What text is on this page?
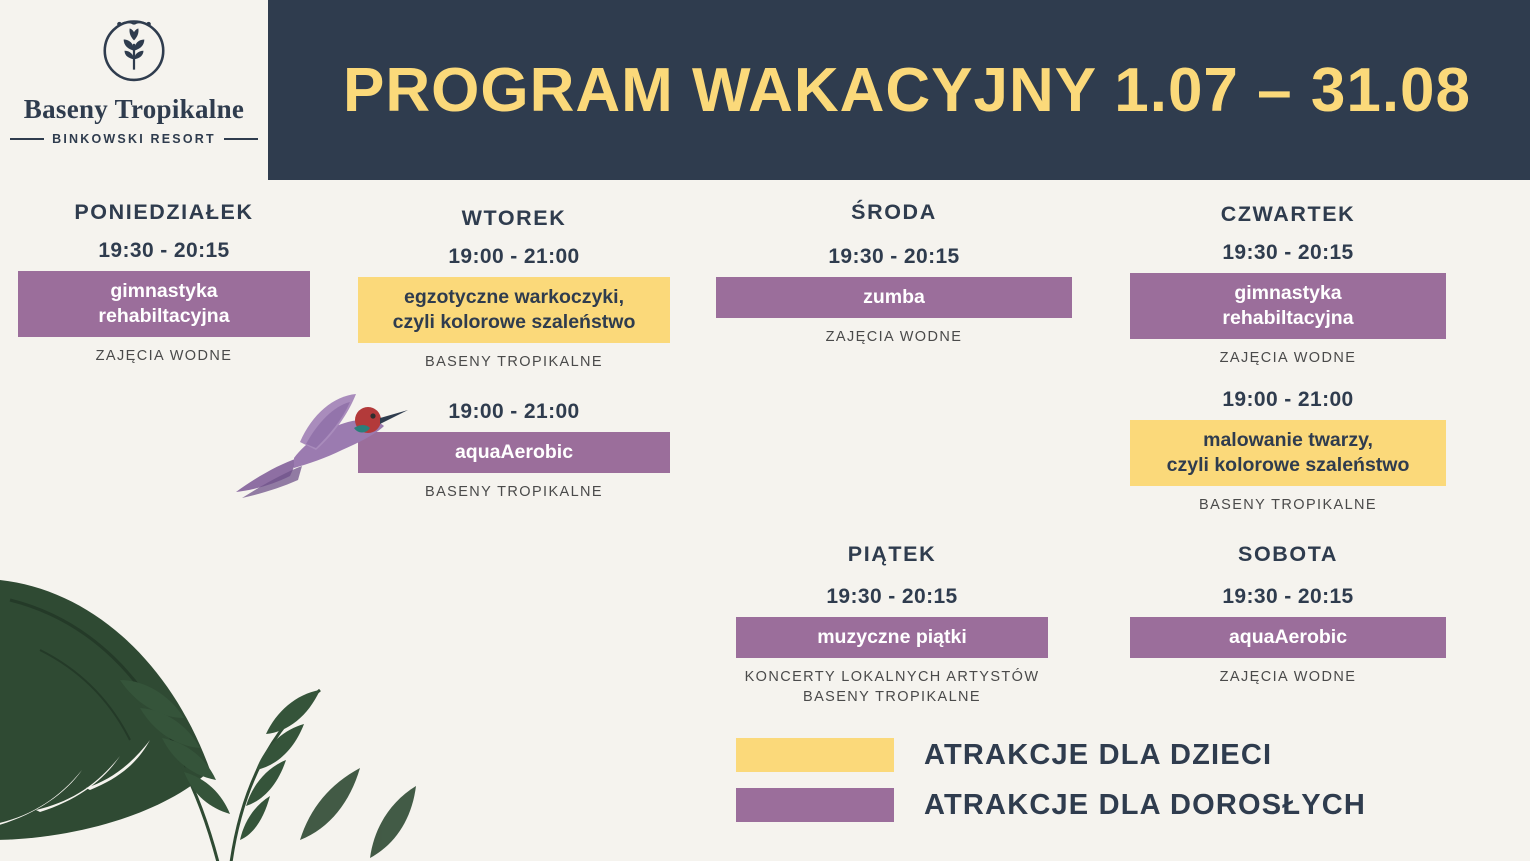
PROGRAM WAKACYJNY 1.07 – 31.08
Baseny Tropikalne
BINKOWSKI RESORT
PONIEDZIAŁEK
19:30 - 20:15
gimnastyka
rehabiltacyjna
ZAJĘCIA WODNE
WTOREK
19:00 - 21:00
egzotyczne warkoczyki,
czyli kolorowe szaleństwo
BASENY TROPIKALNE
19:00 - 21:00
aquaAerobic
BASENY TROPIKALNE
ŚRODA
19:30 - 20:15
zumba
ZAJĘCIA WODNE
CZWARTEK
19:30 - 20:15
gimnastyka
rehabiltacyjna
ZAJĘCIA WODNE
19:00 - 21:00
malowanie twarzy,
czyli kolorowe szaleństwo
BASENY TROPIKALNE
PIĄTEK
19:30 - 20:15
muzyczne piątki
KONCERTY LOKALNYCH ARTYSTÓW
BASENY TROPIKALNE
SOBOTA
19:30 - 20:15
aquaAerobic
ZAJĘCIA WODNE
ATRAKCJE DLA DZIECI
ATRAKCJE DLA DOROSŁYCH
